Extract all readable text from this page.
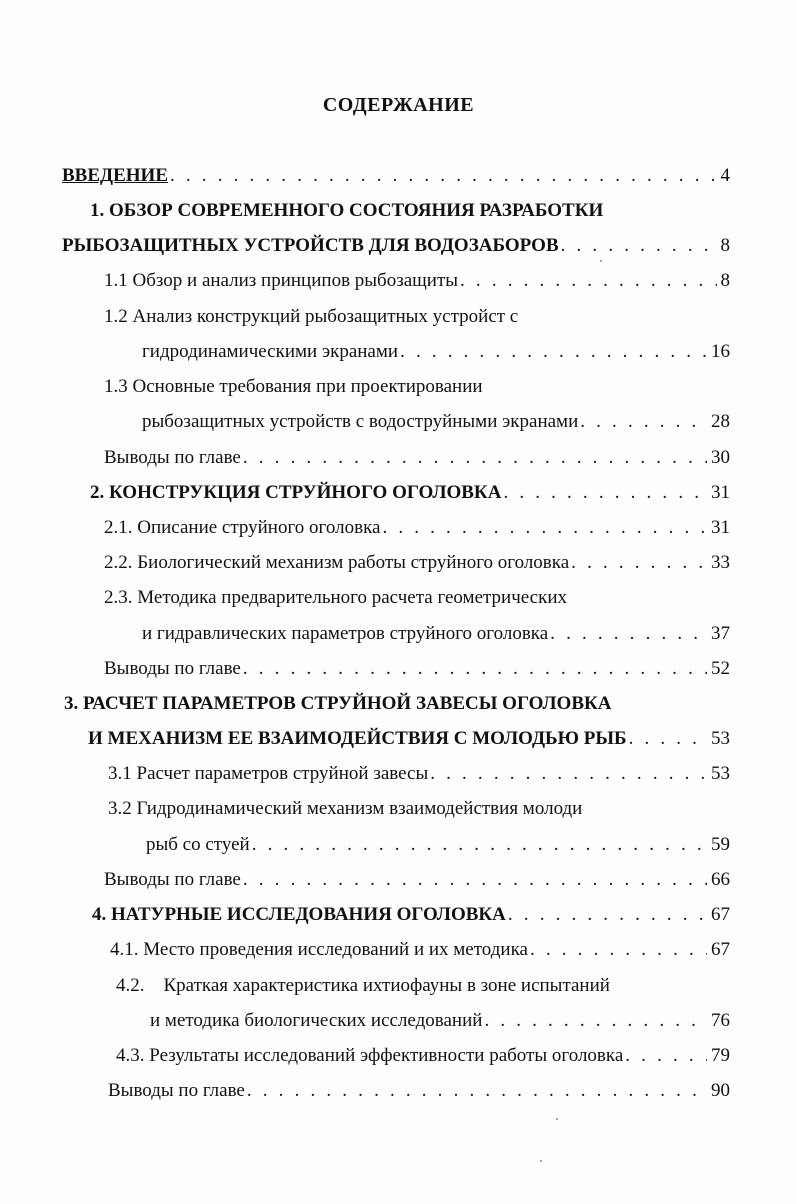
СОДЕРЖАНИЕ
ВВЕДЕНИЕ . . .	4
1. ОБЗОР СОВРЕМЕННОГО СОСТОЯНИЯ РАЗРАБОТКИ
РЫБОЗАЩИТНЫХ УСТРОЙСТВ ДЛЯ ВОДОЗАБОРОВ . . .	8
1.1 Обзор и анализ принципов рыбозащиты . . .	8
1.2 Анализ конструкций рыбозащитных устройст с
гидродинамическими экранами . . .	16
1.3 Основные требования при проектировании
рыбозащитных устройств с водоструйными экранами . . .	28
Выводы по главе . . .	30
2. КОНСТРУКЦИЯ СТРУЙНОГО ОГОЛОВКА . . .	31
2.1. Описание струйного оголовка . . .	31
2.2. Биологический механизм работы струйного оголовка . . .	33
2.3. Методика предварительного расчета геометрических
и гидравлических параметров струйного оголовка . . .	37
Выводы по главе . . .	52
3. РАСЧЕТ ПАРАМЕТРОВ СТРУЙНОЙ ЗАВЕСЫ ОГОЛОВКА
И МЕХАНИЗМ ЕЕ ВЗАИМОДЕЙСТВИЯ С МОЛОДЬЮ РЫБ . . .	53
3.1 Расчет параметров струйной завесы . . .	53
3.2 Гидродинамический механизм взаимодействия молоди
рыб со стуей . . .	59
Выводы по главе . . .	66
4. НАТУРНЫЕ ИССЛЕДОВАНИЯ ОГОЛОВКА . . .	67
4.1. Место проведения исследований и их методика . . .	67
4.2.    Краткая характеристика ихтиофауны в зоне испытаний
и методика биологических исследований . . .	76
4.3. Результаты исследований эффективности работы оголовка . . .	79
Выводы по главе . . .	90
